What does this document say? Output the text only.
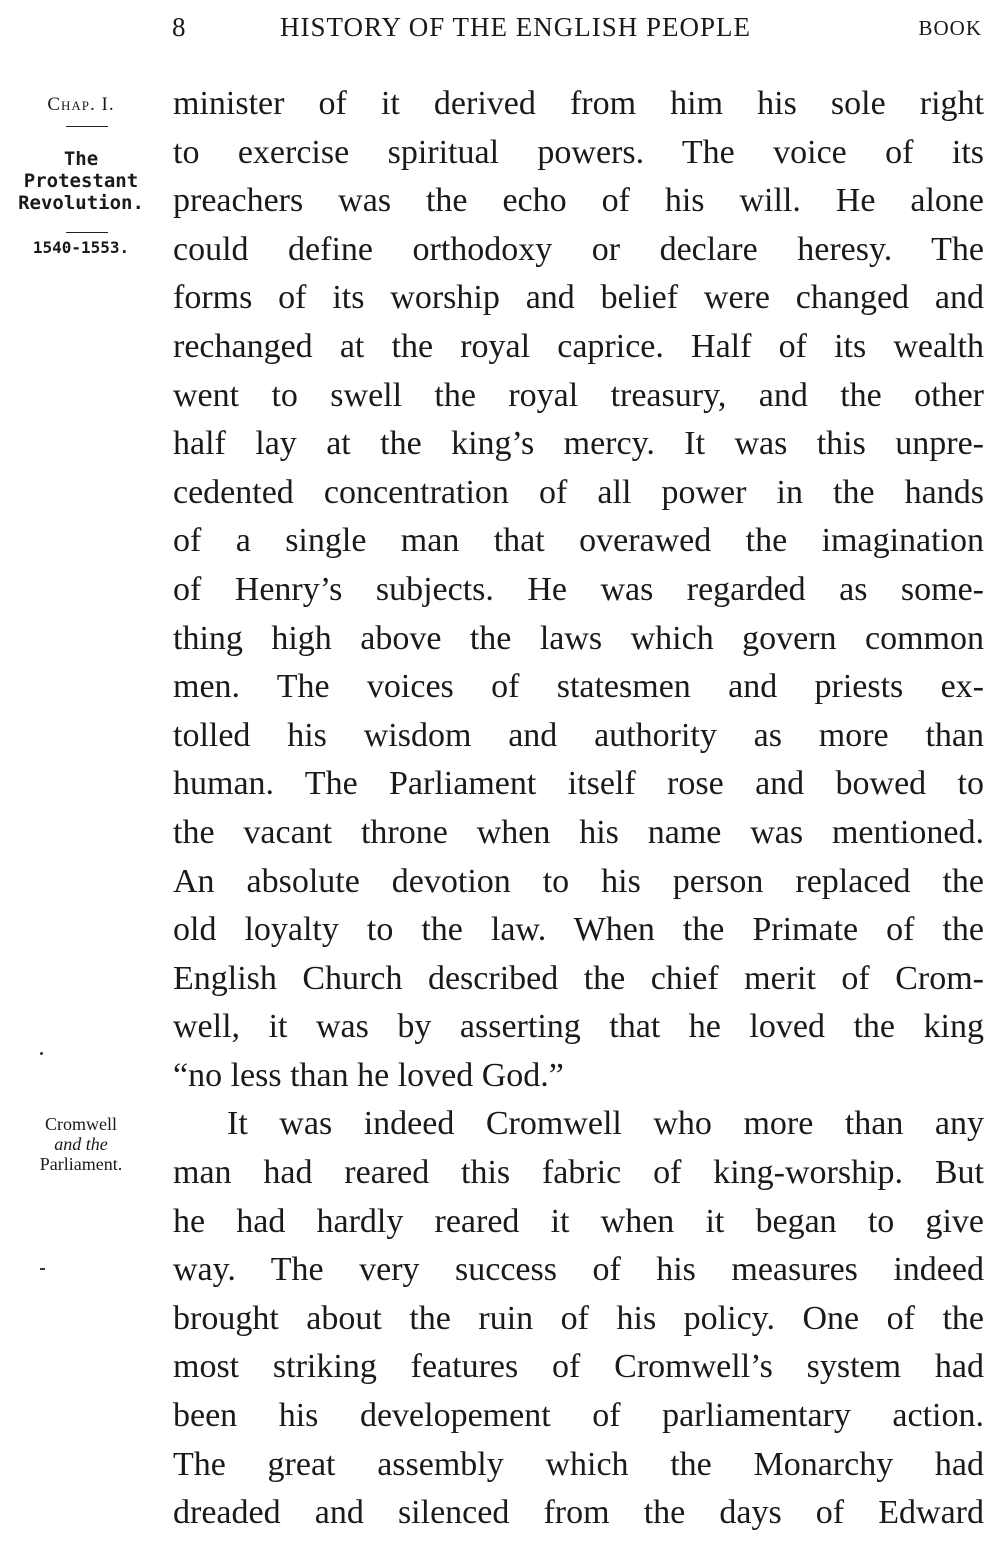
8	HISTORY OF THE ENGLISH PEOPLE	BOOK
Chap. I.
The
Protestant
Revolution.
1540-1553.
Cromwell
and the
Parliament.
minister of it derived from him his sole right
to exercise spiritual powers. The voice of its
preachers was the echo of his will. He alone
could define orthodoxy or declare heresy. The
forms of its worship and belief were changed and
rechanged at the royal caprice. Half of its wealth
went to swell the royal treasury, and the other
half lay at the king’s mercy. It was this unpre-
cedented concentration of all power in the hands
of a single man that overawed the imagination
of Henry’s subjects. He was regarded as some-
thing high above the laws which govern common
men. The voices of statesmen and priests ex-
tolled his wisdom and authority as more than
human. The Parliament itself rose and bowed to
the vacant throne when his name was mentioned.
An absolute devotion to his person replaced the
old loyalty to the law. When the Primate of the
English Church described the chief merit of Crom-
well, it was by asserting that he loved the king
“no less than he loved God.”
It was indeed Cromwell who more than any
man had reared this fabric of king-worship. But
he had hardly reared it when it began to give
way. The very success of his measures indeed
brought about the ruin of his policy. One of the
most striking features of Cromwell’s system had
been his developement of parliamentary action.
The great assembly which the Monarchy had
dreaded and silenced from the days of Edward
